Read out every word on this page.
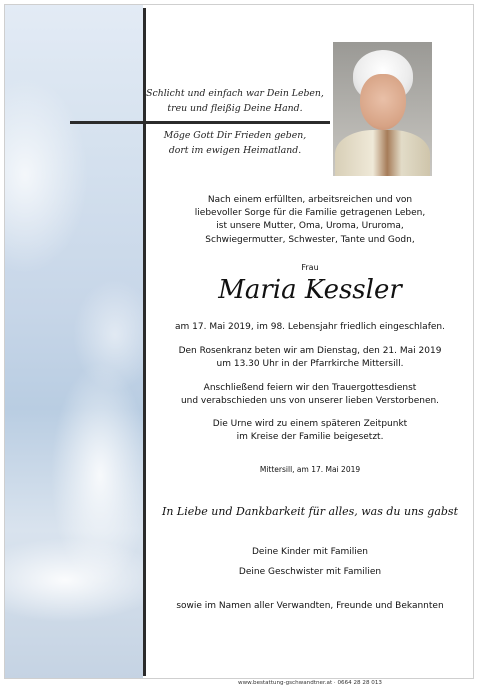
Schlicht und einfach war Dein Leben,
treu und fleißig Deine Hand.
Möge Gott Dir Frieden geben,
dort im ewigen Heimatland.
Nach einem erfüllten, arbeitsreichen und von
liebevoller Sorge für die Familie getragenen Leben,
ist unsere Mutter, Oma, Uroma, Ururoma,
Schwiegermutter, Schwester, Tante und Godn,
Frau
Maria Kessler
am 17. Mai 2019, im 98. Lebensjahr friedlich eingeschlafen.
Den Rosenkranz beten wir am Dienstag, den 21. Mai 2019
um 13.30 Uhr in der Pfarrkirche Mittersill.
Anschließend feiern wir den Trauergottesdienst
und verabschieden uns von unserer lieben Verstorbenen.
Die Urne wird zu einem späteren Zeitpunkt
im Kreise der Familie beigesetzt.
Mittersill, am 17. Mai 2019
In Liebe und Dankbarkeit für alles, was du uns gabst
Deine Kinder mit Familien
Deine Geschwister mit Familien
sowie im Namen aller Verwandten, Freunde und Bekannten
www.bestattung-gschwandtner.at · 0664 28 28 013
